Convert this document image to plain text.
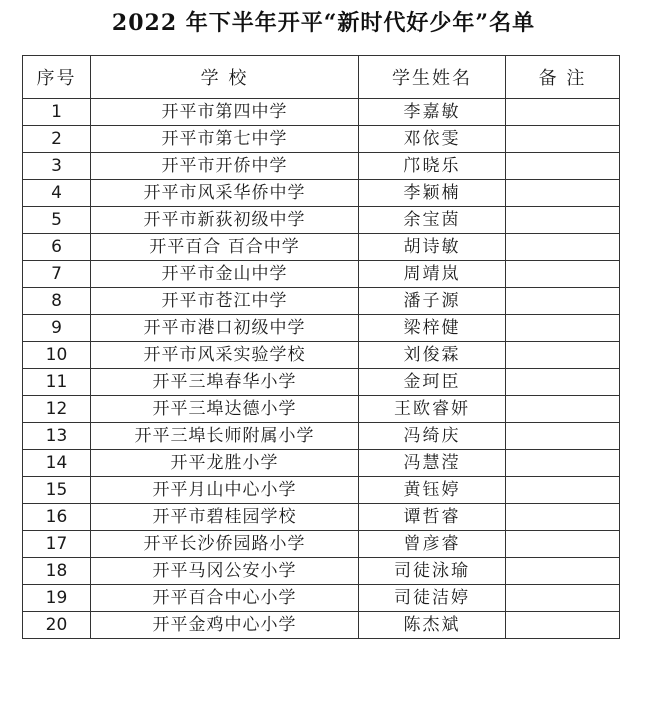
2022 年下半年开平“新时代好少年”名单
序号	学 校	学生姓名	备 注
1	开平市第四中学	李嘉敏	
2	开平市第七中学	邓依雯	
3	开平市开侨中学	邝晓乐	
4	开平市风采华侨中学	李颖楠	
5	开平市新荻初级中学	余宝茵	
6	开平百合 百合中学	胡诗敏	
7	开平市金山中学	周靖岚	
8	开平市苍江中学	潘子源	
9	开平市港口初级中学	梁梓健	
10	开平市风采实验学校	刘俊霖	
11	开平三埠春华小学	金珂臣	
12	开平三埠达德小学	王欧睿妍	
13	开平三埠长师附属小学	冯绮庆	
14	开平龙胜小学	冯慧滢	
15	开平月山中心小学	黄钰婷	
16	开平市碧桂园学校	谭哲睿	
17	开平长沙侨园路小学	曾彦睿	
18	开平马冈公安小学	司徒泳瑜	
19	开平百合中心小学	司徒洁婷	
20	开平金鸡中心小学	陈杰斌	
